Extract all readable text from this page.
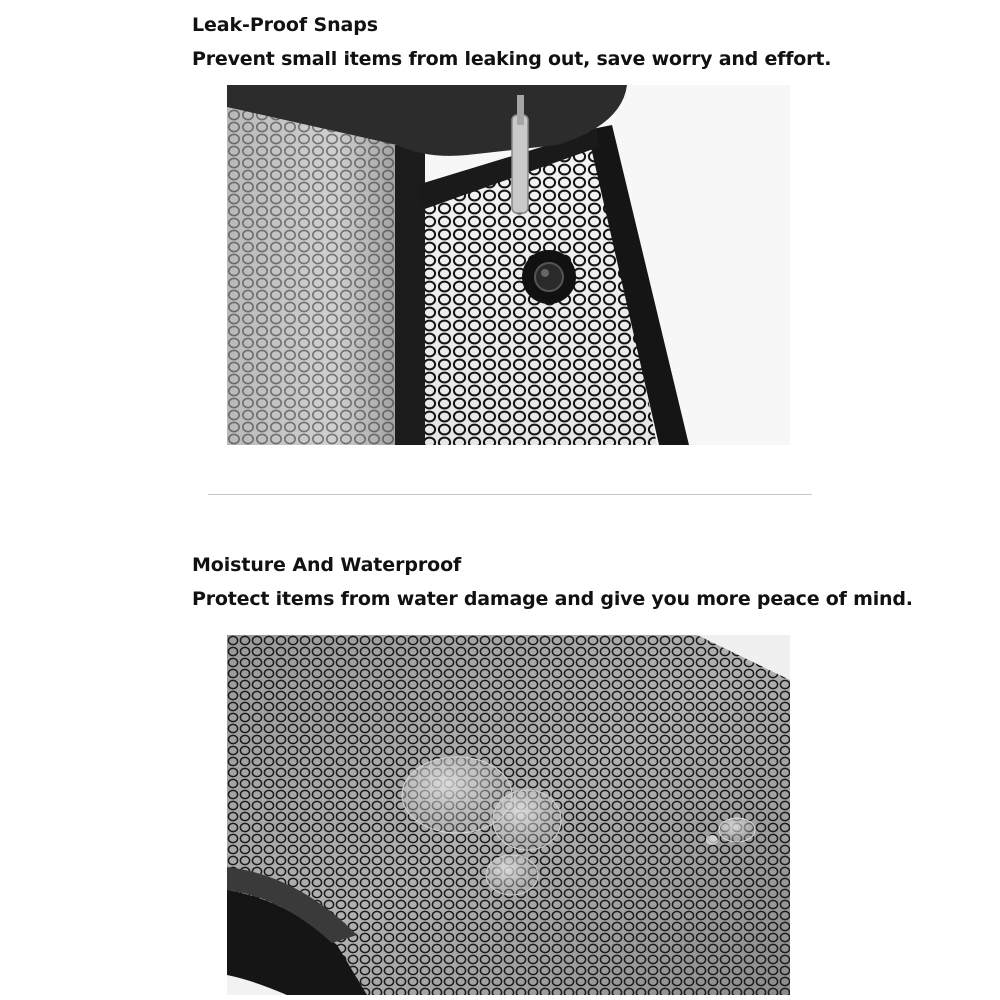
Leak-Proof Snaps

Prevent small items from leaking out, save worry and effort.

Moisture And Waterproof

Protect items from water damage and give you more peace of mind.
